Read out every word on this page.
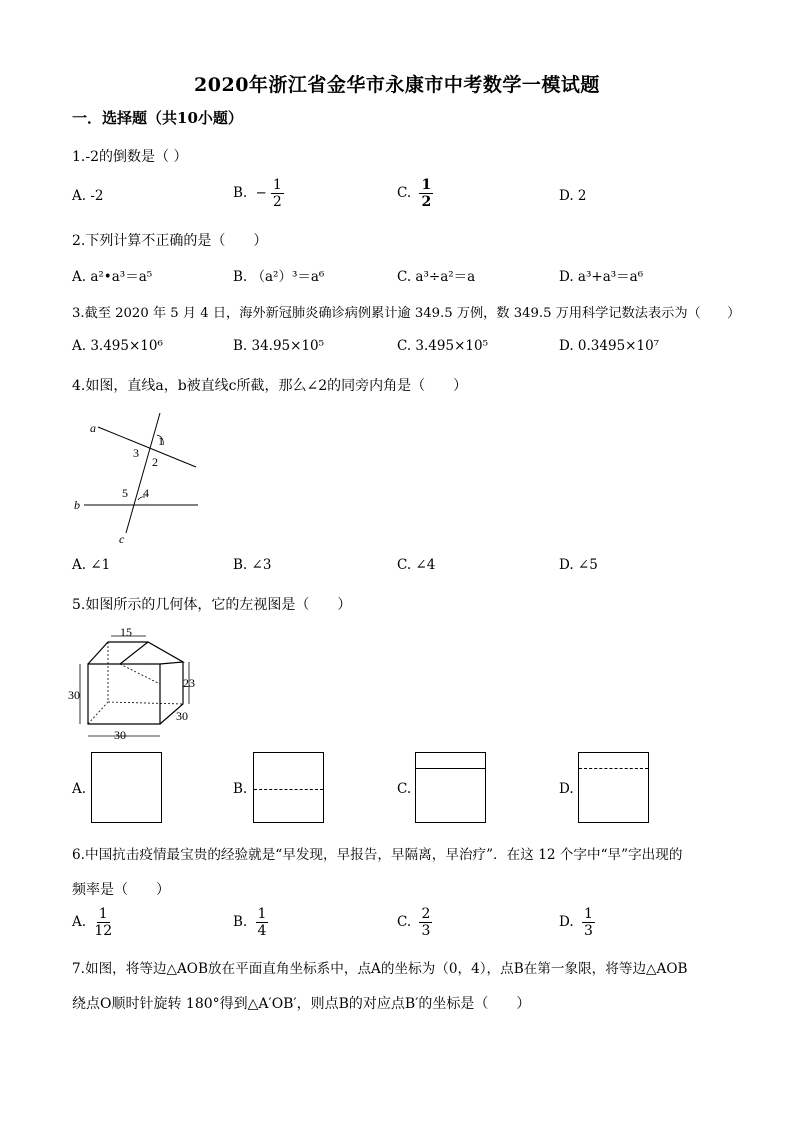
2020年浙江省金华市永康市中考数学一模试题
一．选择题（共10小题）
1.-2的倒数是（ ）
A. -2	B. − $\frac{1}{2}$	C. $\frac{1}{2}$	D. 2
2.下列计算不正确的是（　　）
A. a²•a³＝a⁵	B. （a²）³＝a⁶	C. a³÷a²＝a	D. a³+a³＝a⁶
3.截至 2020 年 5 月 4 日，海外新冠肺炎确诊病例累计逾 349.5 万例，数 349.5 万用科学记数法表示为（　　）
A. 3.495×10⁶	B. 34.95×10⁵	C. 3.495×10⁵	D. 0.3495×10⁷
4.如图，直线a，b被直线c所截，那么∠2的同旁内角是（　　）
a
b
c
1
2
3
4
5
A. ∠1	B. ∠3	C. ∠4	D. ∠5
5.如图所示的几何体，它的左视图是（　　）
15
30
23
30
30
A.	B.	C.	D.
6.中国抗击疫情最宝贵的经验就是“早发现，早报告，早隔离，早治疗”．在这 12 个字中“早”字出现的
频率是（　　）
A. $\frac{1}{12}$	B. $\frac{1}{4}$	C. $\frac{2}{3}$	D. $\frac{1}{3}$
7.如图，将等边△AOB放在平面直角坐标系中，点A的坐标为（0，4），点B在第一象限，将等边△AOB
绕点O顺时针旋转 180°得到△A′OB′，则点B的对应点B′的坐标是（　　）
